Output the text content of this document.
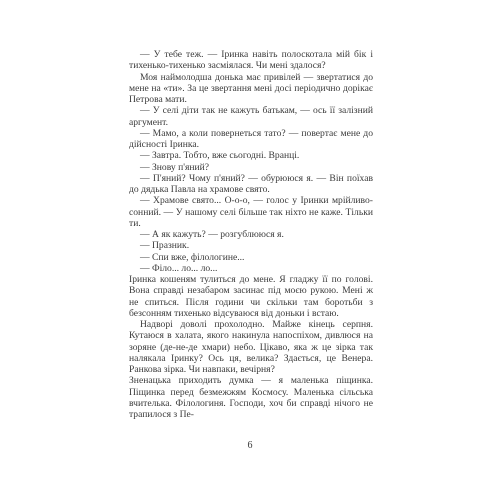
— У тебе теж. — Іринка навіть полоскотала мій бік і тихенько-тихенько засміялася. Чи мені здалося?

Моя наймолодша донька має привілей — звертатися до мене на «ти». За це звертання мені досі періодично дорікає Петрова мати.

— У селі діти так не кажуть батькам, — ось її залізний аргумент.

— Мамо, а коли повернеться тато? — повертає мене до дійсності Іринка.

— Завтра. Тобто, вже сьогодні. Вранці.

— Знову п'яний?

— П'яний? Чому п'яний? — обурююся я. — Він поїхав до дядька Павла на храмове свято.

— Храмове свято... О-о-о, — голос у Іринки мрійливо-сонний. — У нашому селі більше так ніхто не каже. Тільки ти.

— А як кажуть? — розгублююся я.

— Празник.

— Спи вже, філологине...

— Філо... ло... ло...

Іринка кошеням тулиться до мене. Я гладжу її по голові. Вона справді незабаром засинає під моєю рукою. Мені ж не спиться. Після години чи скільки там боротьби з безсонням тихенько відсуваюся від доньки і встаю.

Надворі доволі прохолодно. Майже кінець серпня. Кутаюся в халата, якого накинула напоспіхом, дивлюся на зоряне (де-не-де хмари) небо. Цікаво, яка ж це зірка так налякала Іринку? Ось ця, велика? Здається, це Венера. Ранкова зірка. Чи навпаки, вечірня?

Зненацька приходить думка — я маленька піщинка. Піщинка перед безмежжям Космосу. Маленька сільська вчителька. Філологиня. Господи, хоч би справді нічого не трапилося з Пе-

6
